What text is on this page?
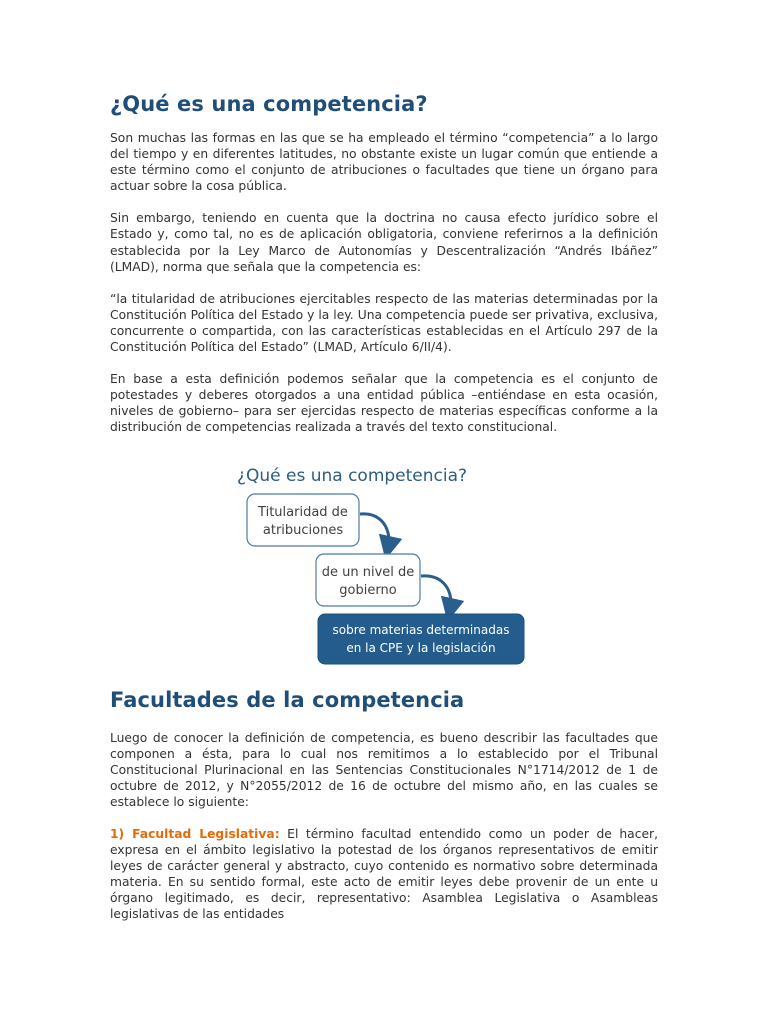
¿Qué es una competencia?

Son muchas las formas en las que se ha empleado el término “competencia” a lo largo del tiempo y en diferentes latitudes, no obstante existe un lugar común que entiende a este término como el conjunto de atribuciones o facultades que tiene un órgano para actuar sobre la cosa pública.

Sin embargo, teniendo en cuenta que la doctrina no causa efecto jurídico sobre el Estado y, como tal, no es de aplicación obligatoria, conviene referirnos a la definición establecida por la Ley Marco de Autonomías y Descentralización “Andrés Ibáñez” (LMAD), norma que señala que la competencia es:

“la titularidad de atribuciones ejercitables respecto de las materias determinadas por la Constitución Política del Estado y la ley. Una competencia puede ser privativa, exclusiva, concurrente o compartida, con las características establecidas en el Artículo 297 de la Constitución Política del Estado” (LMAD, Artículo 6/II/4).

En base a esta definición podemos señalar que la competencia es el conjunto de potestades y deberes otorgados a una entidad pública –entiéndase en esta ocasión, niveles de gobierno– para ser ejercidas respecto de materias específicas conforme a la distribución de competencias realizada a través del texto constitucional.

¿Qué es una competencia?
Titularidad de
atribuciones
de un nivel de
gobierno
sobre materias determinadas
en la CPE y la legislación
Facultades de la competencia

Luego de conocer la definición de competencia, es bueno describir las facultades que componen a ésta, para lo cual nos remitimos a lo establecido por el Tribunal Constitucional Plurinacional en las Sentencias Constitucionales N°1714/2012 de 1 de octubre de 2012, y N°2055/2012 de 16 de octubre del mismo año, en las cuales se establece lo siguiente:

1) Facultad Legislativa: El término facultad entendido como un poder de hacer, expresa en el ámbito legislativo la potestad de los órganos representativos de emitir leyes de carácter general y abstracto, cuyo contenido es normativo sobre determinada materia. En su sentido formal, este acto de emitir leyes debe provenir de un ente u órgano legitimado, es decir, representativo: Asamblea Legislativa o Asambleas legislativas de las entidades
